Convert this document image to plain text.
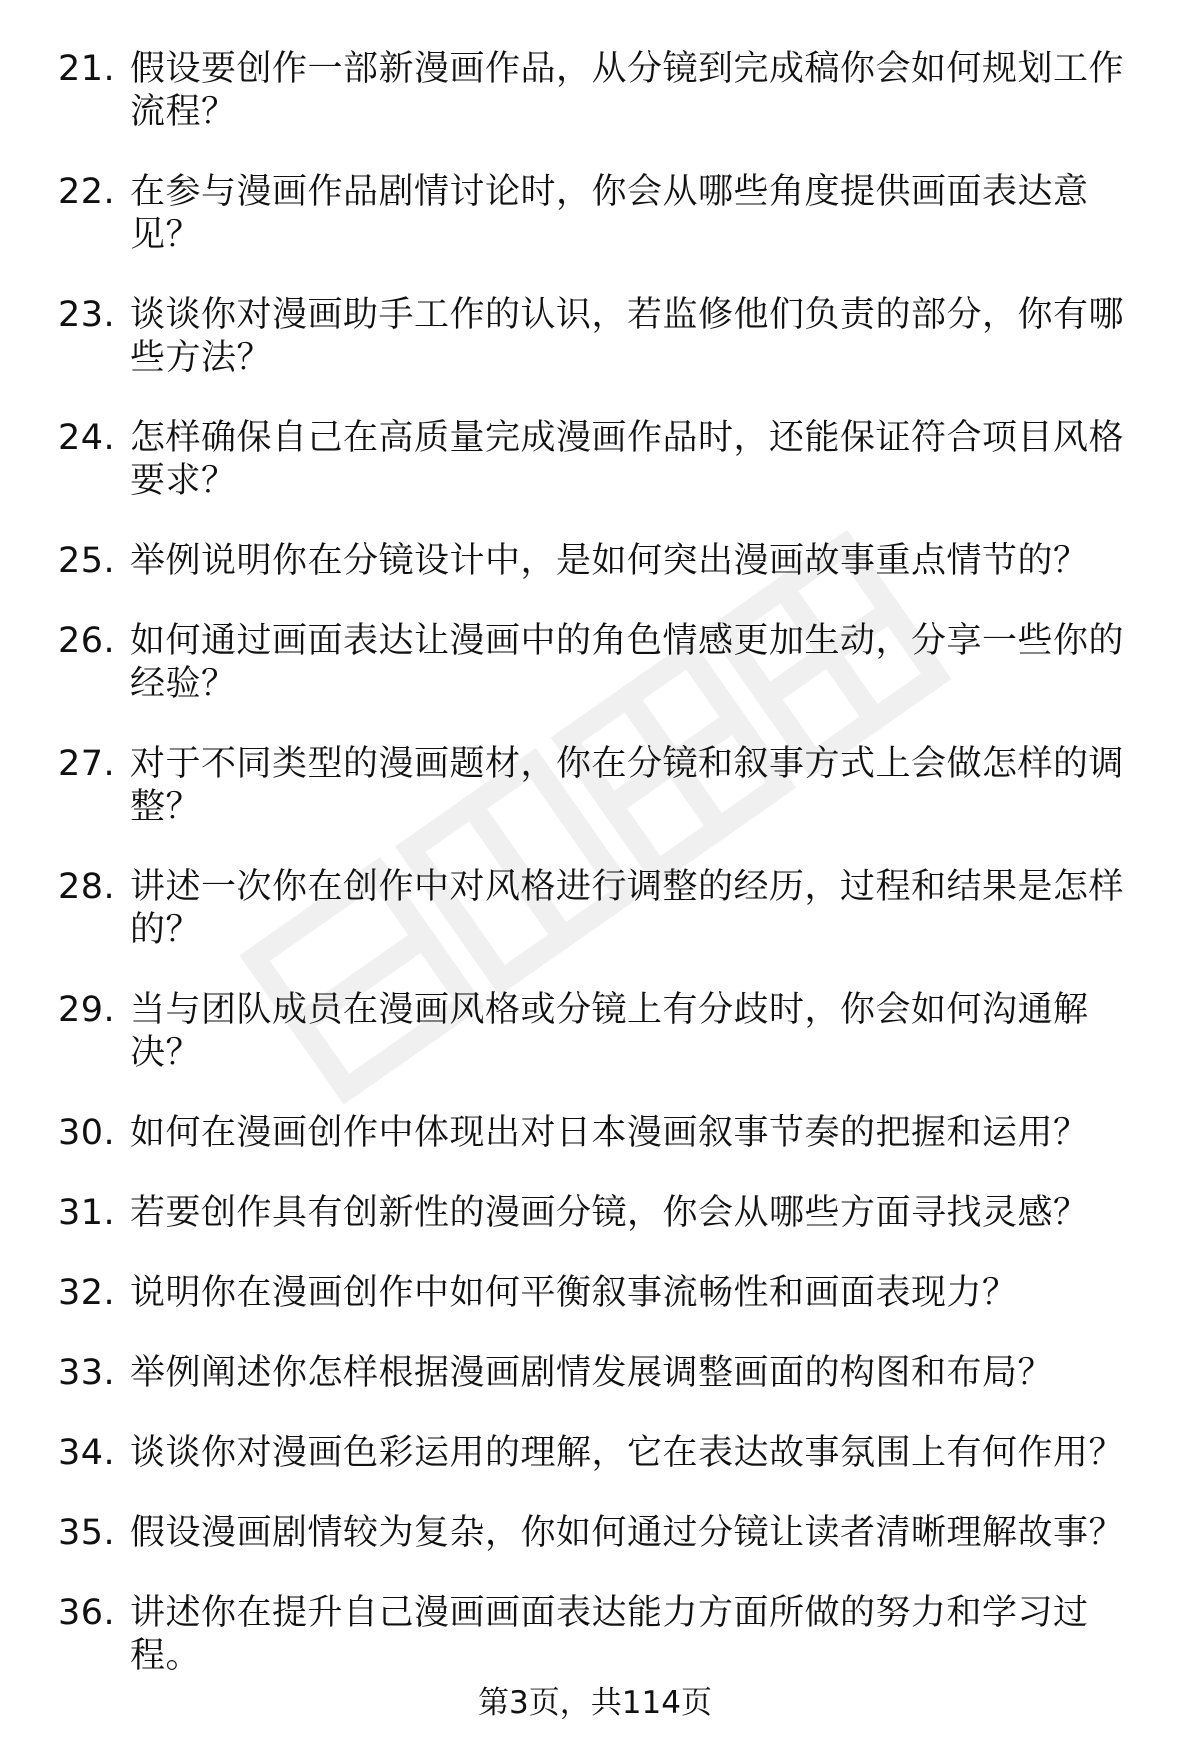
21. 假设要创作一部新漫画作品，从分镜到完成稿你会如何规划工作流程？
22. 在参与漫画作品剧情讨论时，你会从哪些角度提供画面表达意见？
23. 谈谈你对漫画助手工作的认识，若监修他们负责的部分，你有哪些方法？
24. 怎样确保自己在高质量完成漫画作品时，还能保证符合项目风格要求？
25. 举例说明你在分镜设计中，是如何突出漫画故事重点情节的？
26. 如何通过画面表达让漫画中的角色情感更加生动，分享一些你的经验？
27. 对于不同类型的漫画题材，你在分镜和叙事方式上会做怎样的调整？
28. 讲述一次你在创作中对风格进行调整的经历，过程和结果是怎样的？
29. 当与团队成员在漫画风格或分镜上有分歧时，你会如何沟通解决？
30. 如何在漫画创作中体现出对日本漫画叙事节奏的把握和运用？
31. 若要创作具有创新性的漫画分镜，你会从哪些方面寻找灵感？
32. 说明你在漫画创作中如何平衡叙事流畅性和画面表现力？
33. 举例阐述你怎样根据漫画剧情发展调整画面的构图和布局？
34. 谈谈你对漫画色彩运用的理解，它在表达故事氛围上有何作用？
35. 假设漫画剧情较为复杂，你如何通过分镜让读者清晰理解故事？
36. 讲述你在提升自己漫画画面表达能力方面所做的努力和学习过程。
第3页，共114页
